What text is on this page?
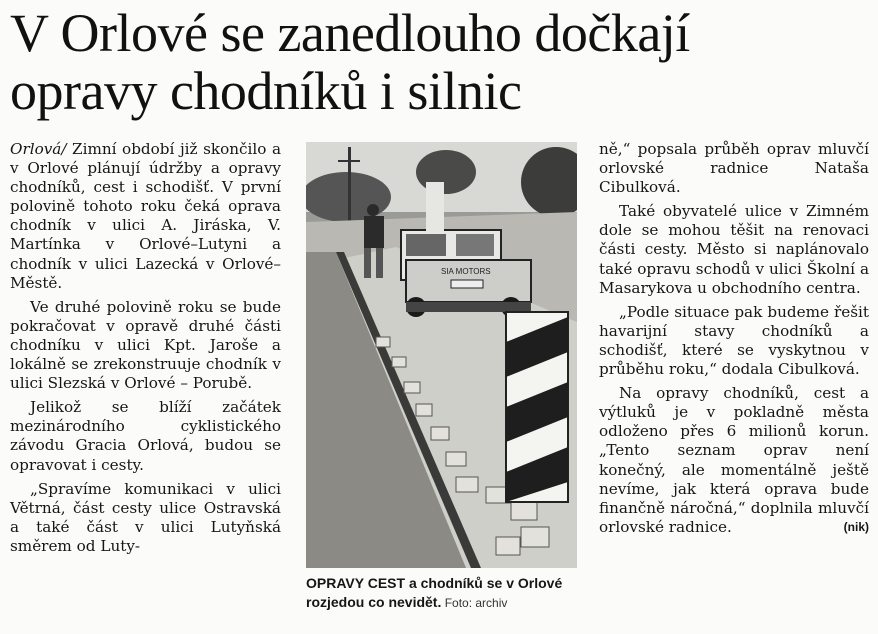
V Orlové se zanedlouho dočkají
opravy chodníků i silnic

Orlová/ Zimní období již skončilo a v Orlové plánují údržby a opravy chodníků, cest i schodišť. V první polovině tohoto roku čeká oprava chodník v ulici A. Jiráska, V. Martínka v Orlové–Lutyni a chodník v ulici Lazecká v Orlové–Městě.

Ve druhé polovině roku se bude pokračovat v opravě druhé části chodníku v ulici Kpt. Jaroše a lokálně se zrekonstruuje chodník v ulici Slezská v Orlové – Porubě.

Jelikož se blíží začátek mezinárodního cyklistického závodu Gracia Orlová, budou se opravovat i cesty.

„Spravíme komunikaci v ulici Větrná, část cesty ulice Ostravská a také část v ulici Lutyňská směrem od Luty-

SIA MOTORS
OPRAVY CEST a chodníků se v Orlové rozjedou co nevidět. Foto: archiv

ně,“ popsala průběh oprav mluvčí orlovské radnice Nataša Cibulková.

Také obyvatelé ulice v Zimném dole se mohou těšit na renovaci části cesty. Město si naplánovalo také opravu schodů v ulici Školní a Masarykova u obchodního centra.

„Podle situace pak budeme řešit havarijní stavy chodníků a schodišť, které se vyskytnou v průběhu roku,“ dodala Cibulková.

Na opravy chodníků, cest a výtluků je v pokladně města odloženo přes 6 milionů korun. „Tento seznam oprav není konečný, ale momentálně ještě nevíme, jak která oprava bude finančně náročná,“ doplnila mluvčí orlovské radnice.	(nik)
